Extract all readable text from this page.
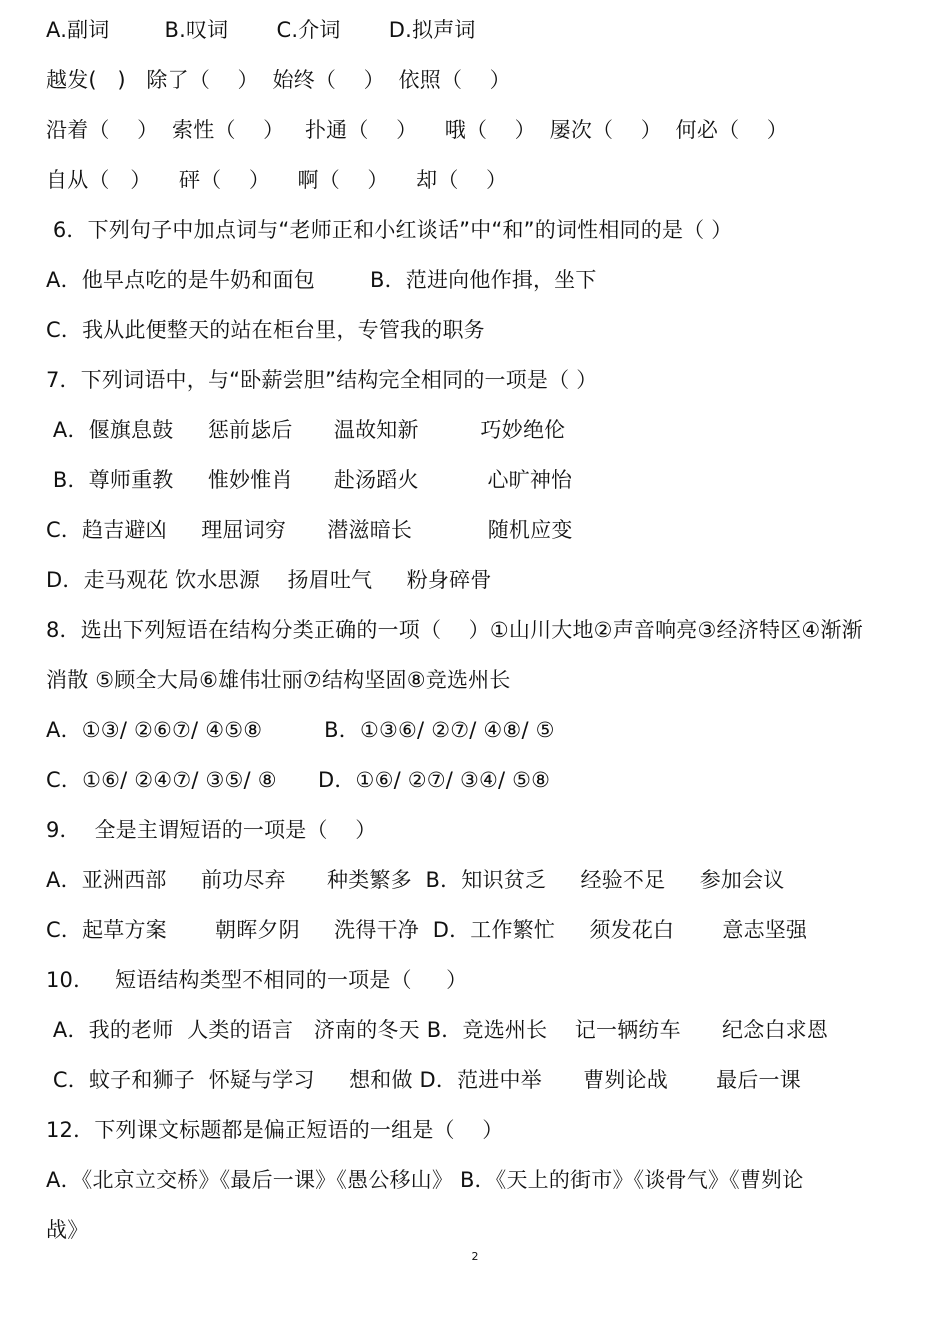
A.副词        B.叹词       C.介词       D.拟声词
越发(   )   除了（    ）  始终（    ）  依照（    ）
沿着（    ）  索性（    ）   扑通（    ）    哦（    ）  屡次（    ）  何必（    ）
自从（   ）    砰（    ）    啊（    ）    却（    ）
6．下列句子中加点词与“老师正和小红谈话”中“和”的词性相同的是（ ）
A．他早点吃的是牛奶和面包        B．范进向他作揖，坐下
C．我从此便整天的站在柜台里，专管我的职务
7．下列词语中，与“卧薪尝胆”结构完全相同的一项是（ ）
A．偃旗息鼓     惩前毖后      温故知新         巧妙绝伦
B．尊师重教     惟妙惟肖      赴汤蹈火          心旷神怡
C．趋吉避凶     理屈词穷      潜滋暗长           随机应变
D．走马观花 饮水思源    扬眉吐气     粉身碎骨
8．选出下列短语在结构分类正确的一项（    ）①山川大地②声音响亮③经济特区④渐渐
消散 ⑤顾全大局⑥雄伟壮丽⑦结构坚固⑧竞选州长
A．①③/ ②⑥⑦/ ④⑤⑧         B．①③⑥/ ②⑦/ ④⑧/ ⑤
C．①⑥/ ②④⑦/ ③⑤/ ⑧      D．①⑥/ ②⑦/ ③④/ ⑤⑧
9．  全是主谓短语的一项是（    ）
A．亚洲西部     前功尽弃      种类繁多  B．知识贫乏     经验不足     参加会议
C．起草方案       朝晖夕阴     洗得干净  D．工作繁忙     须发花白       意志坚强
10．   短语结构类型不相同的一项是（     ）
A．我的老师  人类的语言   济南的冬天 B．竞选州长    记一辆纺车      纪念白求恩
C．蚊子和狮子  怀疑与学习     想和做 D．范进中举      曹刿论战       最后一课
12．下列课文标题都是偏正短语的一组是（    ）
A．《北京立交桥》《最后一课》《愚公移山》 B．《天上的街市》《谈骨气》《曹刿论
战》
2
